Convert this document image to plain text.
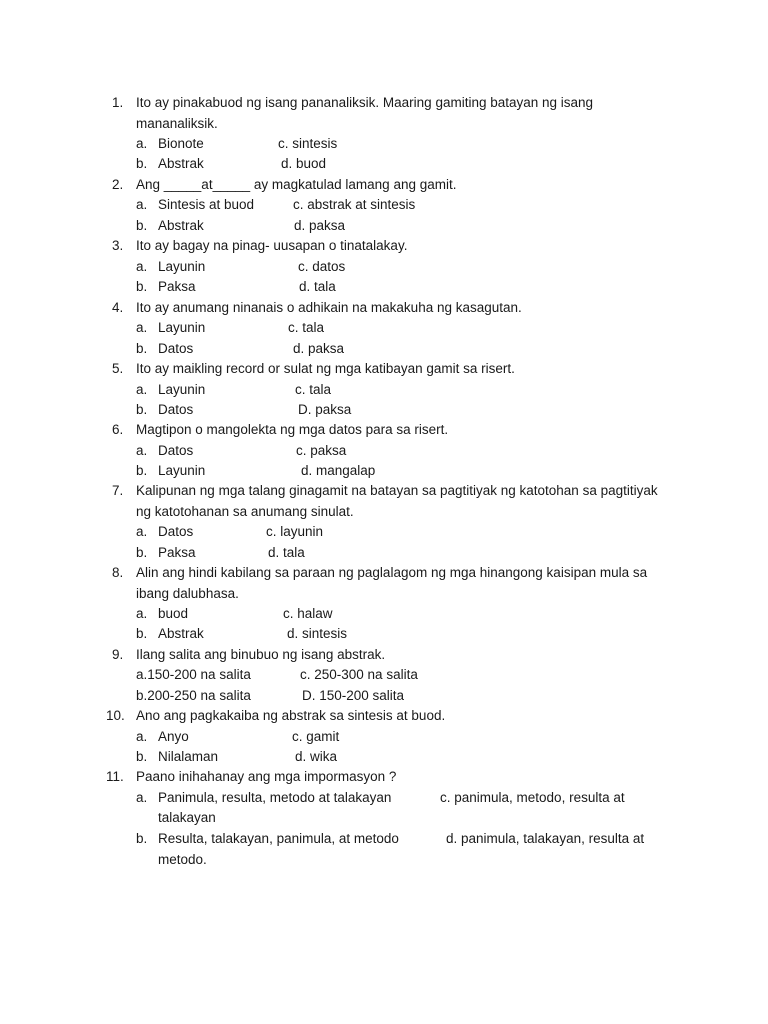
1. Ito ay pinakabuod ng isang pananaliksik. Maaring gamiting batayan ng isang
mananaliksik.
a. Bionote	c. sintesis
b. Abstrak	d. buod
2. Ang _____at_____ ay magkatulad lamang ang gamit.
a. Sintesis at buod	c. abstrak at sintesis
b. Abstrak	d. paksa
3. Ito ay bagay na pinag- uusapan o tinatalakay.
a. Layunin	c. datos
b. Paksa	d. tala
4. Ito ay anumang ninanais o adhikain na makakuha ng kasagutan.
a. Layunin	c. tala
b. Datos	d. paksa
5. Ito ay maikling record or sulat ng mga katibayan gamit sa risert.
a. Layunin	c. tala
b. Datos	D. paksa
6. Magtipon o mangolekta ng mga datos para sa risert.
a. Datos	c. paksa
b. Layunin	d. mangalap
7. Kalipunan ng mga talang ginagamit na batayan sa pagtitiyak ng katotohan sa pagtitiyak
ng katotohanan sa anumang sinulat.
a. Datos	c. layunin
b. Paksa	d. tala
8. Alin ang hindi kabilang sa paraan ng paglalagom ng mga hinangong kaisipan mula sa
ibang dalubhasa.
a. buod	c. halaw
b. Abstrak	d. sintesis
9. Ilang salita ang binubuo ng isang abstrak.
a.150-200 na salita	c. 250-300 na salita
b.200-250 na salita	D. 150-200 salita
10. Ano ang pagkakaiba ng abstrak sa sintesis at buod.
a. Anyo	c. gamit
b. Nilalaman	d. wika
11. Paano inihahanay ang mga impormasyon ?
a. Panimula, resulta, metodo at talakayan	c. panimula, metodo, resulta at
talakayan
b. Resulta, talakayan, panimula, at metodo	d. panimula, talakayan, resulta at
metodo.
